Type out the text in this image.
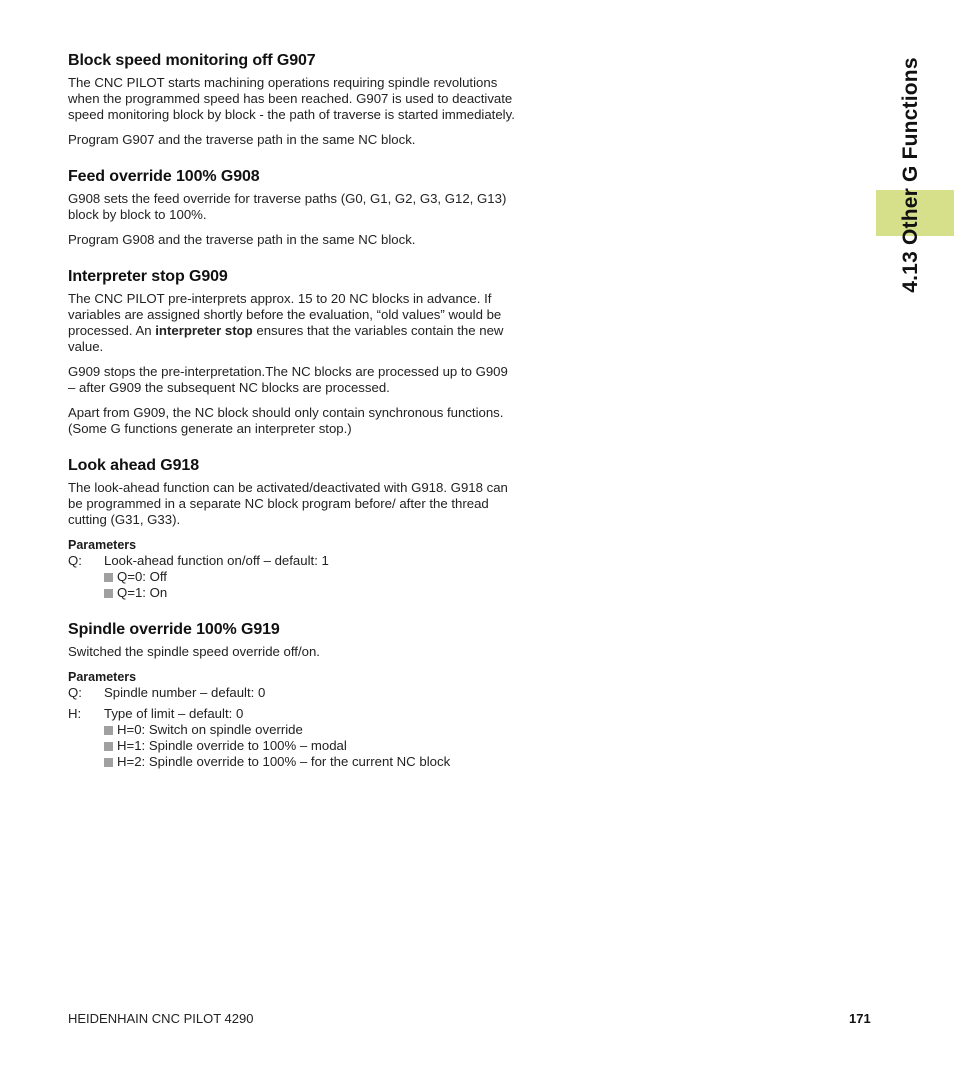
4.13 Other G Functions
Block speed monitoring off G907

The CNC PILOT starts machining operations requiring spindle revolutions when the programmed speed has been reached. G907 is used to deactivate speed monitoring block by block - the path of traverse is started immediately.

Program G907 and the traverse path in the same NC block.

Feed override 100% G908

G908 sets the feed override for traverse paths (G0, G1, G2, G3, G12, G13) block by block to 100%.

Program G908 and the traverse path in the same NC block.

Interpreter stop G909

The CNC PILOT pre-interprets approx. 15 to 20 NC blocks in advance. If variables are assigned shortly before the evaluation, “old values” would be processed. An interpreter stop ensures that the variables contain the new value.

G909 stops the pre-interpretation.The NC blocks are processed up to G909 – after G909 the subsequent NC blocks are processed.

Apart from G909, the NC block should only contain synchronous functions. (Some G functions generate an interpreter stop.)

Look ahead G918

The look-ahead function can be activated/deactivated with G918. G918 can be programmed in a separate NC block program before/ after the thread cutting (G31, G33).

Parameters
Q:	Look-ahead function on/off – default: 1
Q=0: Off
Q=1: On
Spindle override 100% G919

Switched the spindle speed override off/on.

Parameters
Q:	Spindle number – default: 0
H:	Type of limit – default: 0
H=0: Switch on spindle override
H=1: Spindle override to 100% – modal
H=2: Spindle override to 100% – for the current NC block
HEIDENHAIN CNC PILOT 4290	171
